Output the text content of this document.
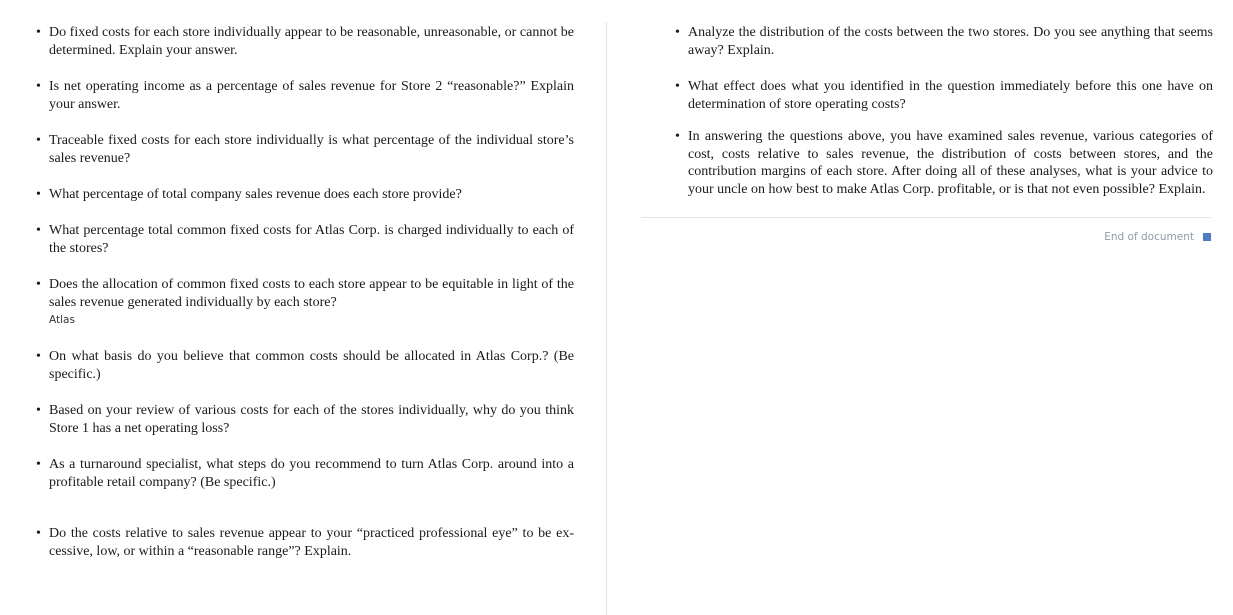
• Do fixed costs for each store individually appear to be reasonable, unreasonable, or cannot be determined. Explain your answer.
• Is net operating income as a percentage of sales revenue for Store 2 “reasonable?” Explain your answer.
• Traceable fixed costs for each store individually is what percentage of the individual store’s sales revenue?
• What percentage of total company sales revenue does each store provide?
• What percentage total common fixed costs for Atlas Corp. is charged individually to each of the stores?
• Does the allocation of common fixed costs to each store appear to be equitable in light of the sales revenue generated individually by each store?
Atlas
• On what basis do you believe that common costs should be allocated in Atlas Corp.? (Be specific.)
• Based on your review of various costs for each of the stores individually, why do you think Store 1 has a net operating loss?
• As a turnaround specialist, what steps do you recommend to turn Atlas Corp. around into a profitable retail company? (Be specific.)
• Do the costs relative to sales revenue appear to your “practiced professional eye” to be ex-cessive, low, or within a “reasonable range”? Explain.
• Analyze the distribution of the costs between the two stores. Do you see anything that seems away? Explain.
• What effect does what you identified in the question immediately before this one have on determination of store operating costs?
• In answering the questions above, you have examined sales revenue, various categories of cost, costs relative to sales revenue, the distribution of costs between stores, and the contribution margins of each store. After doing all of these analyses, what is your advice to your uncle on how best to make Atlas Corp. profitable, or is that not even possible? Explain.
End of document
